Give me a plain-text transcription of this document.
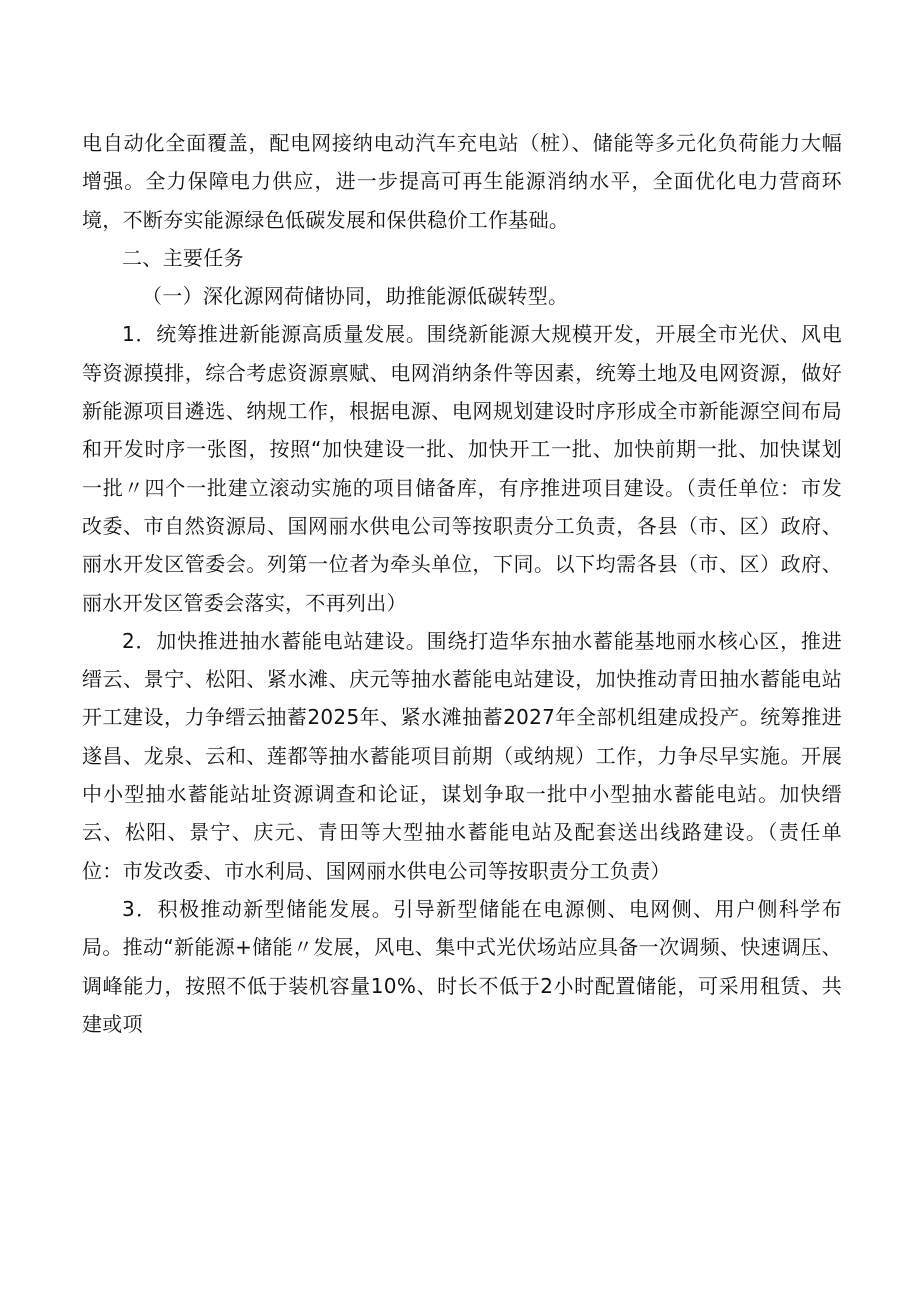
电自动化全面覆盖，配电网接纳电动汽车充电站（桩）、储能等多元化负荷能力大幅增强。全力保障电力供应，进一步提高可再生能源消纳水平，全面优化电力营商环境，不断夯实能源绿色低碳发展和保供稳价工作基础。

二、主要任务

（一）深化源网荷储协同，助推能源低碳转型。

1．统筹推进新能源高质量发展。围绕新能源大规模开发，开展全市光伏、风电等资源摸排，综合考虑资源禀赋、电网消纳条件等因素，统筹土地及电网资源，做好新能源项目遴选、纳规工作，根据电源、电网规划建设时序形成全市新能源空间布局和开发时序一张图，按照“加快建设一批、加快开工一批、加快前期一批、加快谋划一批〃四个一批建立滚动实施的项目储备库，有序推进项目建设。（责任单位：市发改委、市自然资源局、国网丽水供电公司等按职责分工负责，各县（市、区）政府、丽水开发区管委会。列第一位者为牵头单位，下同。以下均需各县（市、区）政府、丽水开发区管委会落实，不再列出）

2．加快推进抽水蓄能电站建设。围绕打造华东抽水蓄能基地丽水核心区，推进缙云、景宁、松阳、紧水滩、庆元等抽水蓄能电站建设，加快推动青田抽水蓄能电站开工建设，力争缙云抽蓄2025年、紧水滩抽蓄2027年全部机组建成投产。统筹推进遂昌、龙泉、云和、莲都等抽水蓄能项目前期（或纳规）工作，力争尽早实施。开展中小型抽水蓄能站址资源调查和论证，谋划争取一批中小型抽水蓄能电站。加快缙云、松阳、景宁、庆元、青田等大型抽水蓄能电站及配套送出线路建设。（责任单位：市发改委、市水利局、国网丽水供电公司等按职责分工负责）

3．积极推动新型储能发展。引导新型储能在电源侧、电网侧、用户侧科学布局。推动“新能源+储能〃发展，风电、集中式光伏场站应具备一次调频、快速调压、调峰能力，按照不低于装机容量10%、时长不低于2小时配置储能，可采用租赁、共建或项
